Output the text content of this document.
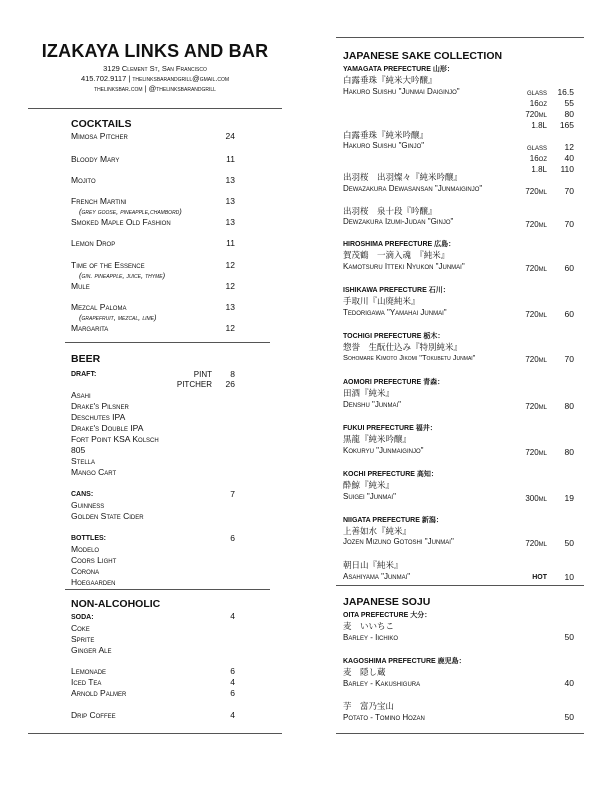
IZAKAYA LINKS AND BAR
3129 Clement St, San Francisco
415.702.9117 | thelinksbarandgrill@gmail.com
thelinksbar.com | @thelinksbarandgrill
COCKTAILS
Mimosa Pitcher	24
Bloody Mary	11
Mojito	13
French Martini	13
(grey goose, pineapple,chambord)
Smoked Maple Old Fashion	13
Lemon Drop	11
Time of the Essence	12
(gin. pineapple, juice, thyme)
Mule	12
Mezcal Paloma	13
(grapefruit, mezcal, lime)
Margarita	12
BEER
DRAFT:	PINT	8
PITCHER	26
Asahi
Drake's Pilsner
Deschutes IPA
Drake's Double IPA
Fort Point KSA Kolsch
805
Stella
Mango Cart
CANS:	7
Guinness
Golden State Cider
BOTTLES:	6
Modelo
Coors Light
Corona
Hoegaarden
NON-ALCOHOLIC
SODA:	4
Coke
Sprite
Ginger Ale
Lemonade	6
Iced Tea	4
Arnold Palmer	6
Drip Coffee	4
JAPANESE SAKE COLLECTION
YAMAGATA PREFECTURE 山形：
白露垂珠『純米大吟醸』
Hakuro Suishu "Junmai Daiginjo"	glass	16.5
16oz	55
720ml	80
1.8L	165
白露垂珠『純米吟醸』
Hakuro Suishu "Ginjo"	glass	12
16oz	40
1.8L	110
出羽桜　出羽燦々『純米吟醸』
Dewazakura Dewasansan "Junmaiginjo"	720ml	70
出羽桜　泉十段『吟醸』
Dewzakura Izumi-Judan "Ginjo"	720ml	70
HIROSHIMA PREFECTURE 広島：
賀茂鶴　一滴入魂　『純米』
Kamotsuru Itteki Nyukon "Junmai"	720ml	60
ISHIKAWA PREFECTURE 石川：
手取川『山廃純米』
Tedorigawa "Yamahai Junmai"	720ml	60
TOCHIGI PREFECTURE 栃木：
惣誉　生酛仕込み『特別純米』
Sohomare Kimoto Jikomi "Tokubetu Junmai"	720ml	70
AOMORI PREFECTURE 青森：
田酒『純米』
Denshu "Junmai"	720ml	80
FUKUI PREFECTURE 福井：
黒龍『純米吟醸』
Kokuryu "Junmaiginjo"	720ml	80
KOCHI PREFECTURE 高知：
酔鯨『純米』
Suigei "Junmai"	300ml	19
NIIGATA PREFECTURE 新潟：
上善如水『純米』
Jozen Mizuno Gotoshi "Junmai"	720ml	50
朝日山『純米』
Asahiyama "Junmai"	HOT	10
JAPANESE SOJU
OITA PREFECTURE 大分：
麦　いいちこ
Barley - Iichiko	50
KAGOSHIMA PREFECTURE 鹿児島：
麦　隠し蔵
Barley - Kakushigura	40
芋　富乃宝山
Potato - Tomino Hozan	50
